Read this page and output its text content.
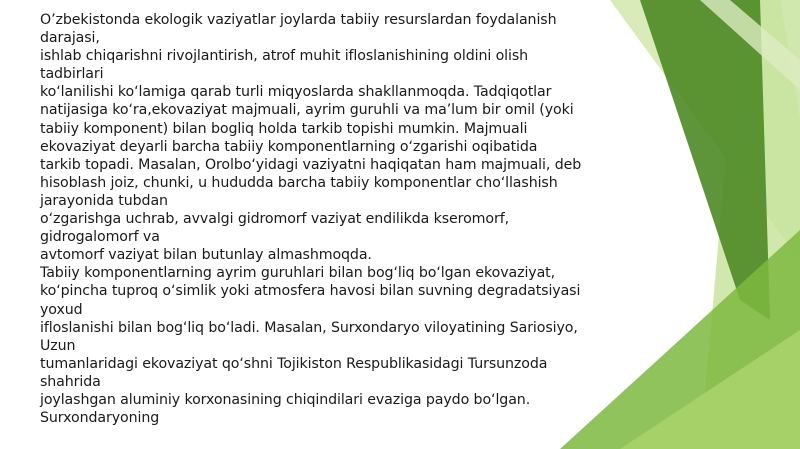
O’zbekistonda ekologik vaziyatlar joylarda tabiiy resurslardan foydalanish
darajasi,
ishlab chiqarishni rivojlantirish, atrof muhit ifloslanishining oldini olish
tadbirlari
ko‘lanilishi ko‘lamiga qarab turli miqyoslarda shakllanmoqda. Tadqiqotlar
natijasiga ko‘ra,ekovaziyat majmuali, ayrim guruhli va ma’lum bir omil (yoki
tabiiy komponent) bilan bogliq holda tarkib topishi mumkin. Majmuali
ekovaziyat deyarli barcha tabiiy komponentlarning o‘zgarishi oqibatida
tarkib topadi. Masalan, Orolbo‘yidagi vaziyatni haqiqatan ham majmuali, deb
hisoblash joiz, chunki, u hududda barcha tabiiy komponentlar cho‘llashish
jarayonida tubdan
o‘zgarishga uchrab, avvalgi gidromorf vaziyat endilikda kseromorf,
gidrogalomorf va
avtomorf vaziyat bilan butunlay almashmoqda.
Tabiiy komponentlarning ayrim guruhlari bilan bog‘liq bo‘lgan ekovaziyat,
ko‘pincha tuproq o‘simlik yoki atmosfera havosi bilan suvning degradatsiyasi
yoxud
ifloslanishi bilan bog‘liq bo‘ladi. Masalan, Surxondaryo viloyatining Sariosiyo,
Uzun
tumanlaridagi ekovaziyat qo‘shni Tojikiston Respublikasidagi Tursunzoda
shahrida
joylashgan aluminiy korxonasining chiqindilari evaziga paydo bo‘lgan.
Surxondaryoning
